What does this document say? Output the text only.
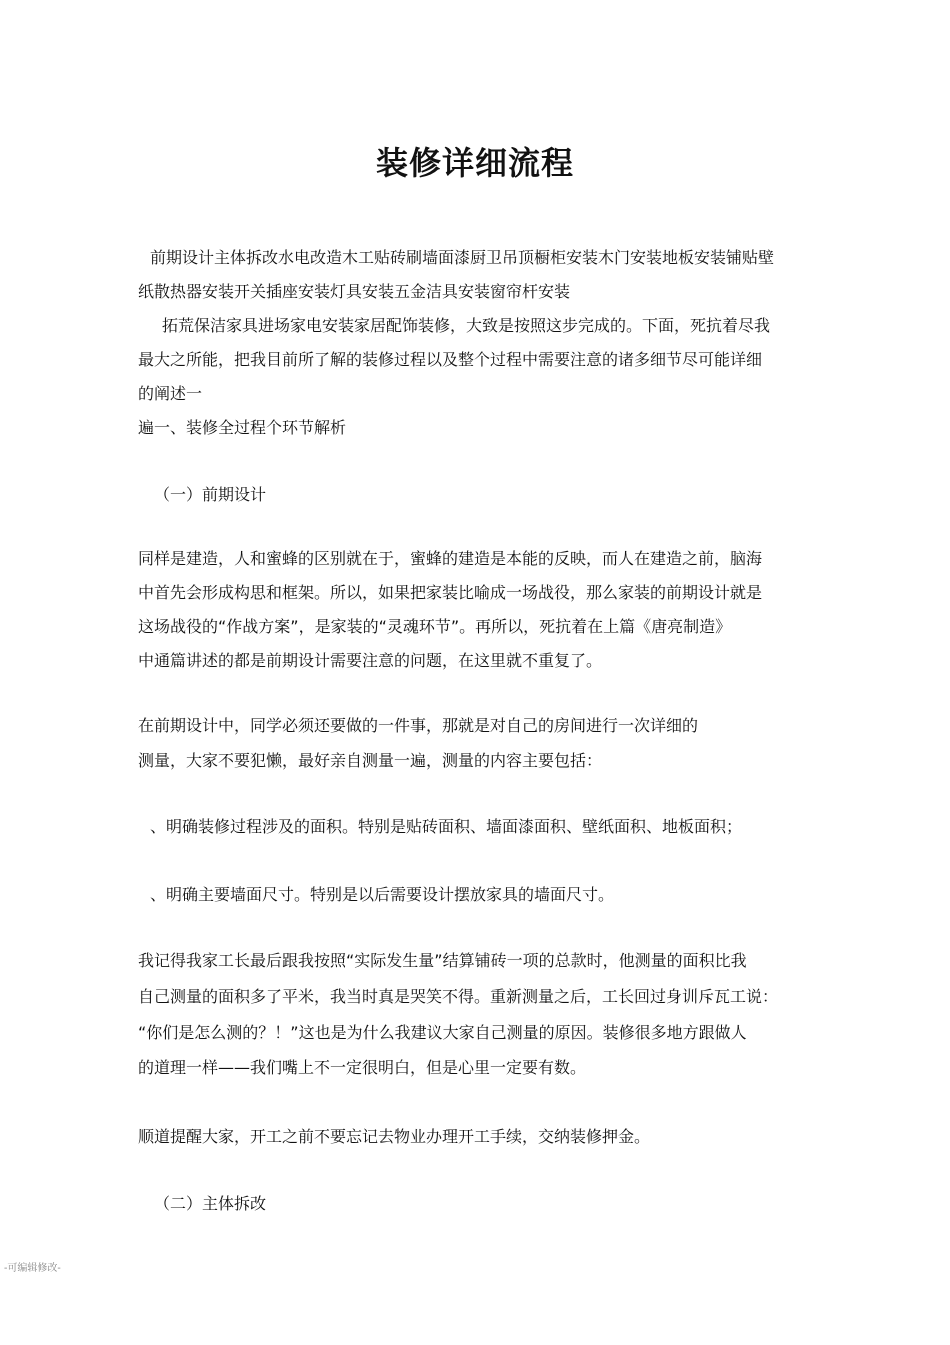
装修详细流程
前期设计主体拆改水电改造木工贴砖刷墙面漆厨卫吊顶橱柜安装木门安装地板安装铺贴壁
纸散热器安装开关插座安装灯具安装五金洁具安装窗帘杆安装
拓荒保洁家具进场家电安装家居配饰装修，大致是按照这步完成的。下面，死抗着尽我
最大之所能，把我目前所了解的装修过程以及整个过程中需要注意的诸多细节尽可能详细
的阐述一
遍一、装修全过程个环节解析
（一）前期设计
同样是建造，人和蜜蜂的区别就在于，蜜蜂的建造是本能的反映，而人在建造之前，脑海
中首先会形成构思和框架。所以，如果把家装比喻成一场战役，那么家装的前期设计就是
这场战役的“作战方案”，是家装的“灵魂环节”。再所以，死抗着在上篇《唐亮制造》
中通篇讲述的都是前期设计需要注意的问题，在这里就不重复了。
在前期设计中，同学必须还要做的一件事，那就是对自己的房间进行一次详细的
测量，大家不要犯懒，最好亲自测量一遍，测量的内容主要包括：
、明确装修过程涉及的面积。特别是贴砖面积、墙面漆面积、壁纸面积、地板面积；
、明确主要墙面尺寸。特别是以后需要设计摆放家具的墙面尺寸。
我记得我家工长最后跟我按照“实际发生量”结算铺砖一项的总款时，他测量的面积比我
自己测量的面积多了平米，我当时真是哭笑不得。重新测量之后，工长回过身训斥瓦工说：
“你们是怎么测的？！”这也是为什么我建议大家自己测量的原因。装修很多地方跟做人
的道理一样——我们嘴上不一定很明白，但是心里一定要有数。
顺道提醒大家，开工之前不要忘记去物业办理开工手续，交纳装修押金。
（二）主体拆改
-可编辑修改-
